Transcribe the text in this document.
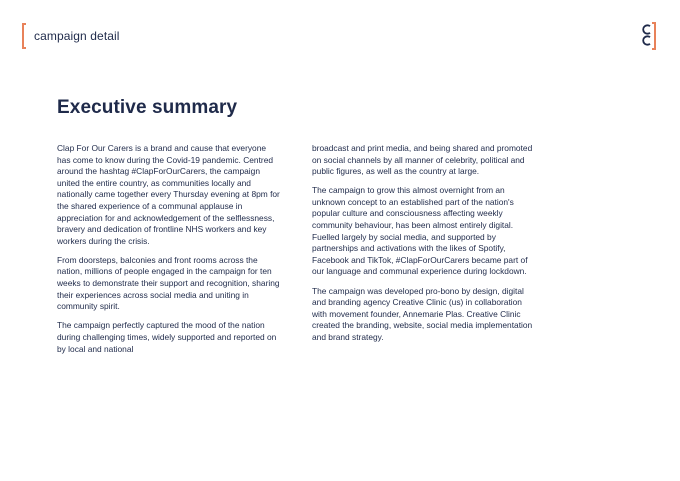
campaign detail
Executive summary

Clap For Our Carers is a brand and cause that everyone has come to know during the Covid-19 pandemic. Centred around the hashtag #ClapForOurCarers, the campaign united the entire country, as communities locally and nationally came together every Thursday evening at 8pm for the shared experience of a communal applause in appreciation for and acknowledgement of the selflessness, bravery and dedication of frontline NHS workers and key workers during the crisis.

From doorsteps, balconies and front rooms across the nation, millions of people engaged in the campaign for ten weeks to demonstrate their support and recognition, sharing their experiences across social media and uniting in community spirit.

The campaign perfectly captured the mood of the nation during challenging times, widely supported and reported on by local and national

broadcast and print media, and being shared and promoted on social channels by all manner of celebrity, political and public figures, as well as the country at large.

The campaign to grow this almost overnight from an unknown concept to an established part of the nation's popular culture and consciousness affecting weekly community behaviour, has been almost entirely digital. Fuelled largely by social media, and supported by partnerships and activations with the likes of Spotify, Facebook and TikTok, #ClapForOurCarers became part of our language and communal experience during lockdown.

The campaign was developed pro-bono by design, digital and branding agency Creative Clinic (us) in collaboration with movement founder, Annemarie Plas. Creative Clinic created the branding, website, social media implementation and brand strategy.
